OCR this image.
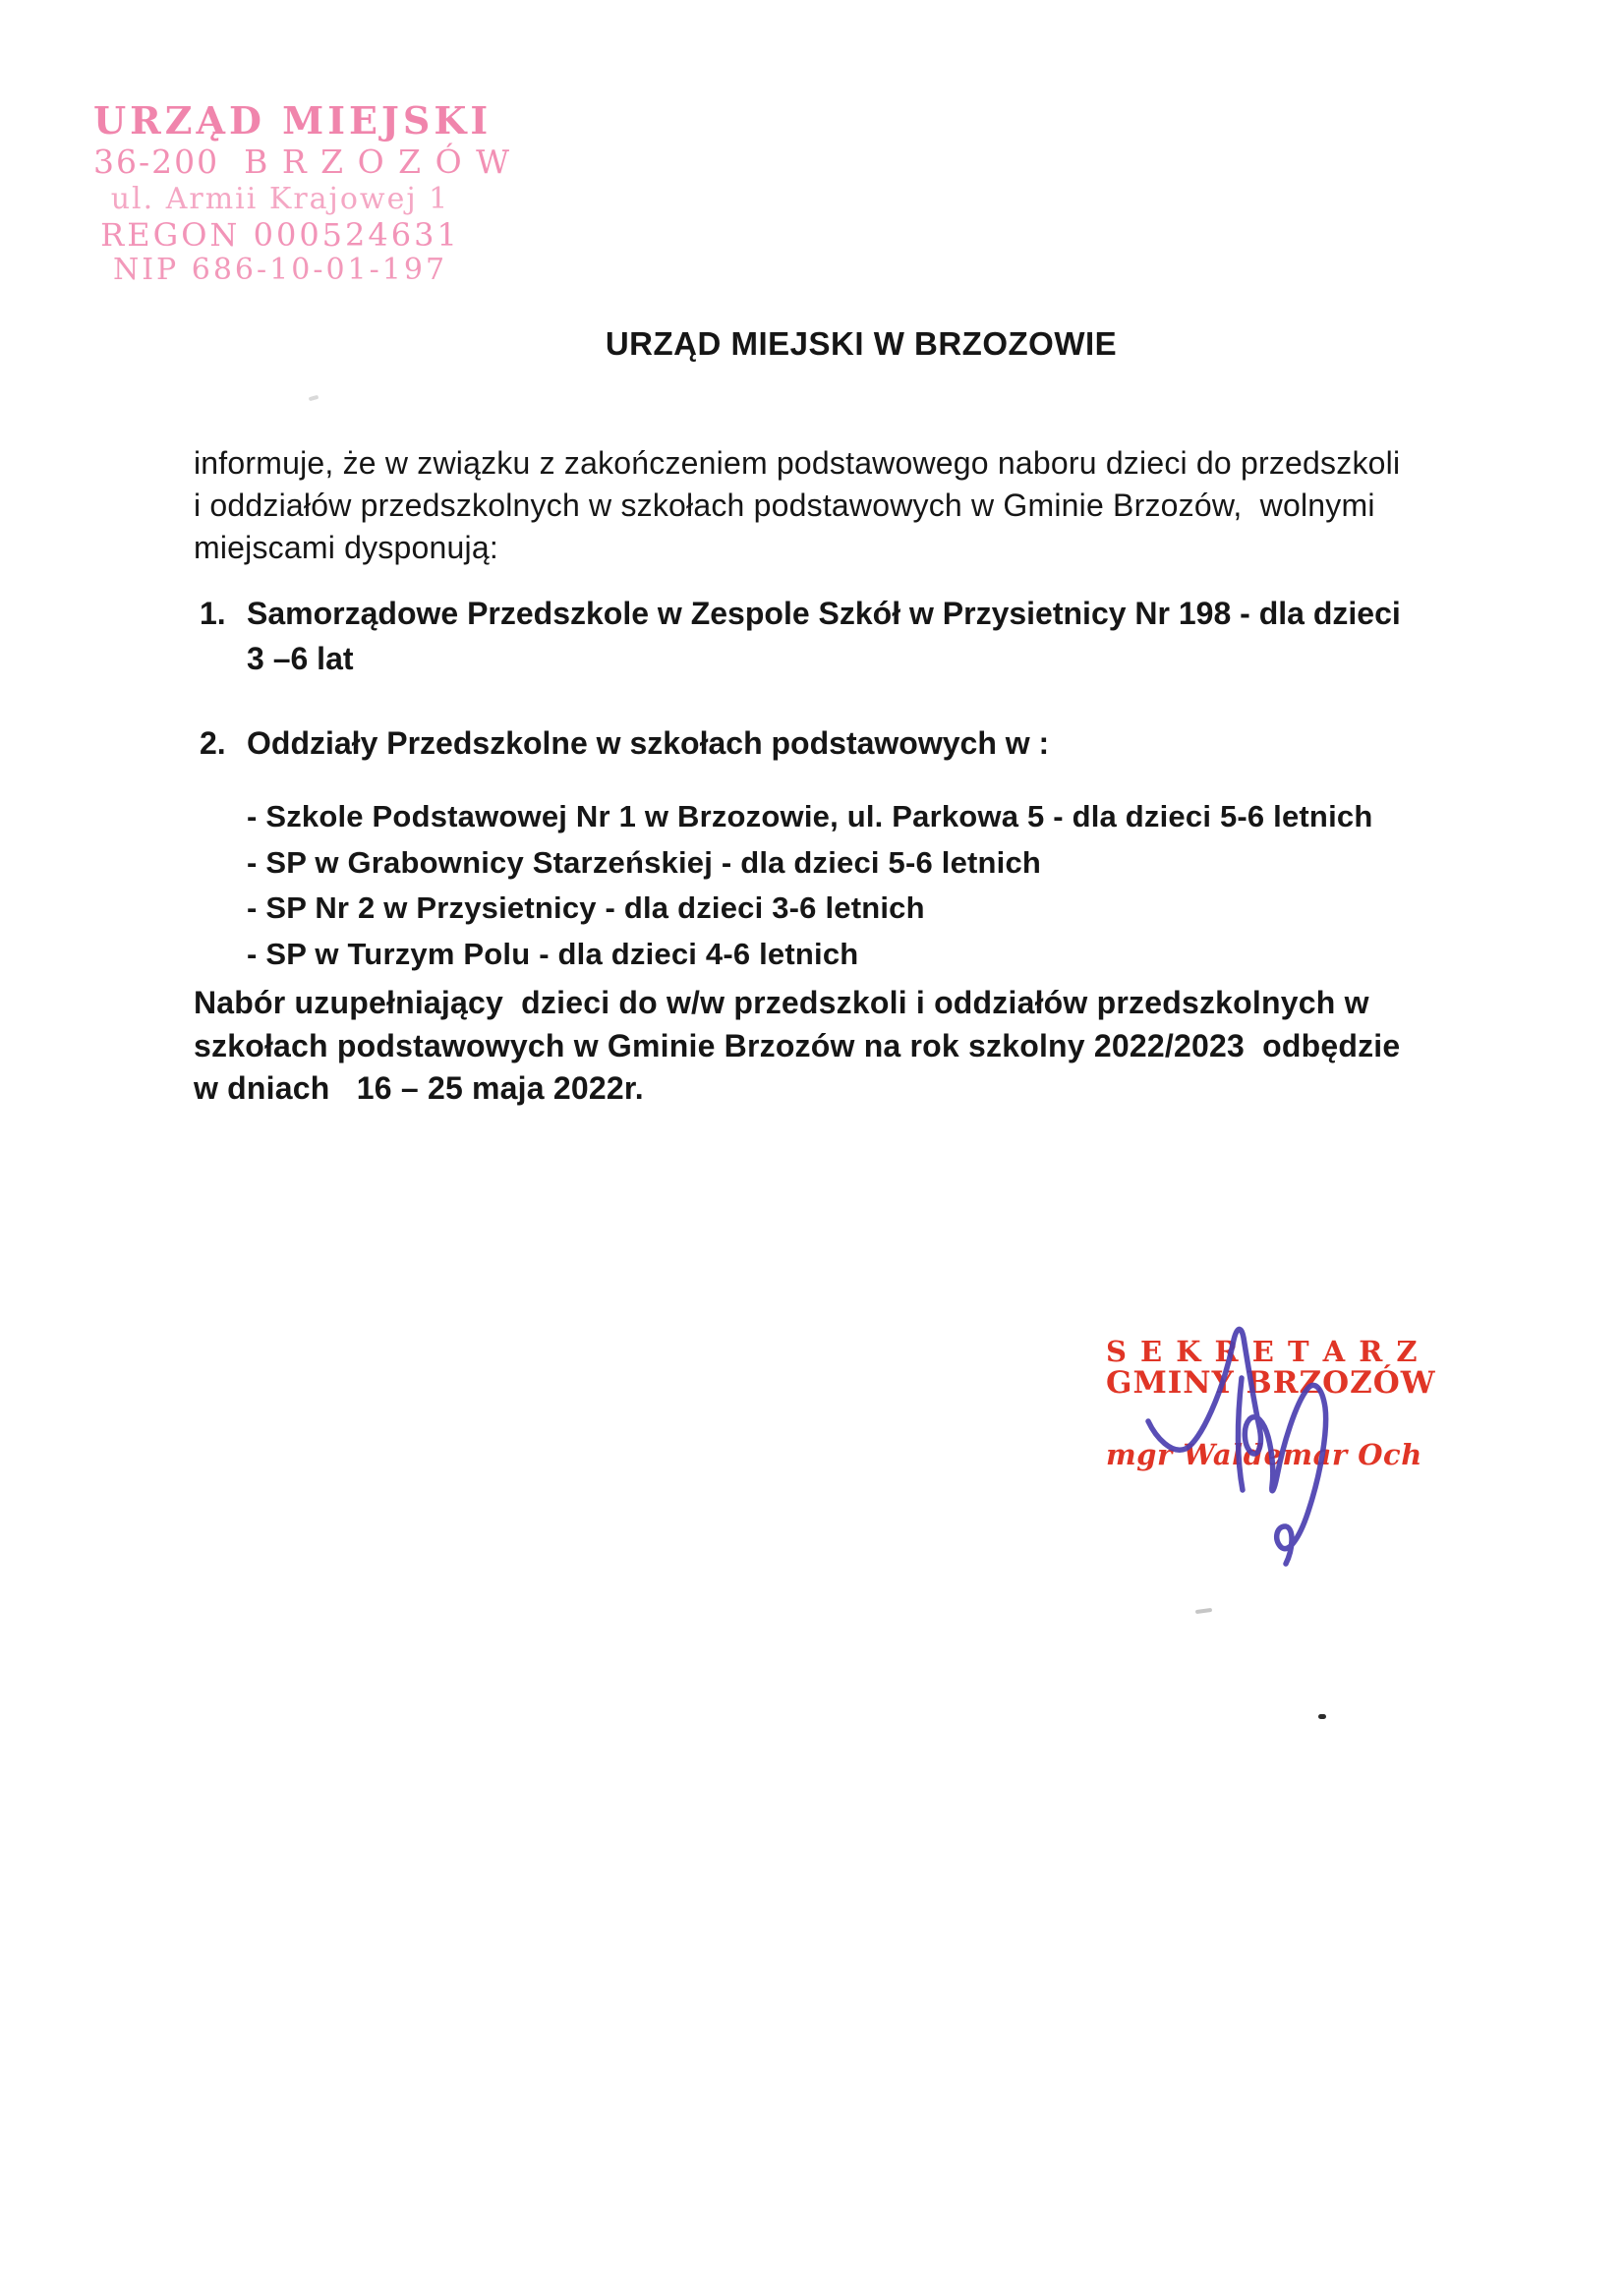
URZĄD MIEJSKI
36-200  B R Z O Z Ó W
ul. Armii Krajowej 1
REGON 000524631
NIP 686-10-01-197
URZĄD MIEJSKI W BRZOZOWIE
informuje, że w związku z zakończeniem podstawowego naboru dzieci do przedszkoli
i oddziałów przedszkolnych w szkołach podstawowych w Gminie Brzozów,  wolnymi
miejscami dysponują:
1. Samorządowe Przedszkole w Zespole Szkół w Przysietnicy Nr 198 - dla dzieci
3 –6 lat
2. Oddziały Przedszkolne w szkołach podstawowych w :
- Szkole Podstawowej Nr 1 w Brzozowie, ul. Parkowa 5 - dla dzieci 5-6 letnich
- SP w Grabownicy Starzeńskiej - dla dzieci 5-6 letnich
- SP Nr 2 w Przysietnicy - dla dzieci 3-6 letnich
- SP w Turzym Polu - dla dzieci 4-6 letnich
Nabór uzupełniający  dzieci do w/w przedszkoli i oddziałów przedszkolnych w
szkołach podstawowych w Gminie Brzozów na rok szkolny 2022/2023  odbędzie
w dniach   16 – 25 maja 2022r.
S E K R E T A R Z
GMINY BRZOZÓW
mgr Waldemar Och
